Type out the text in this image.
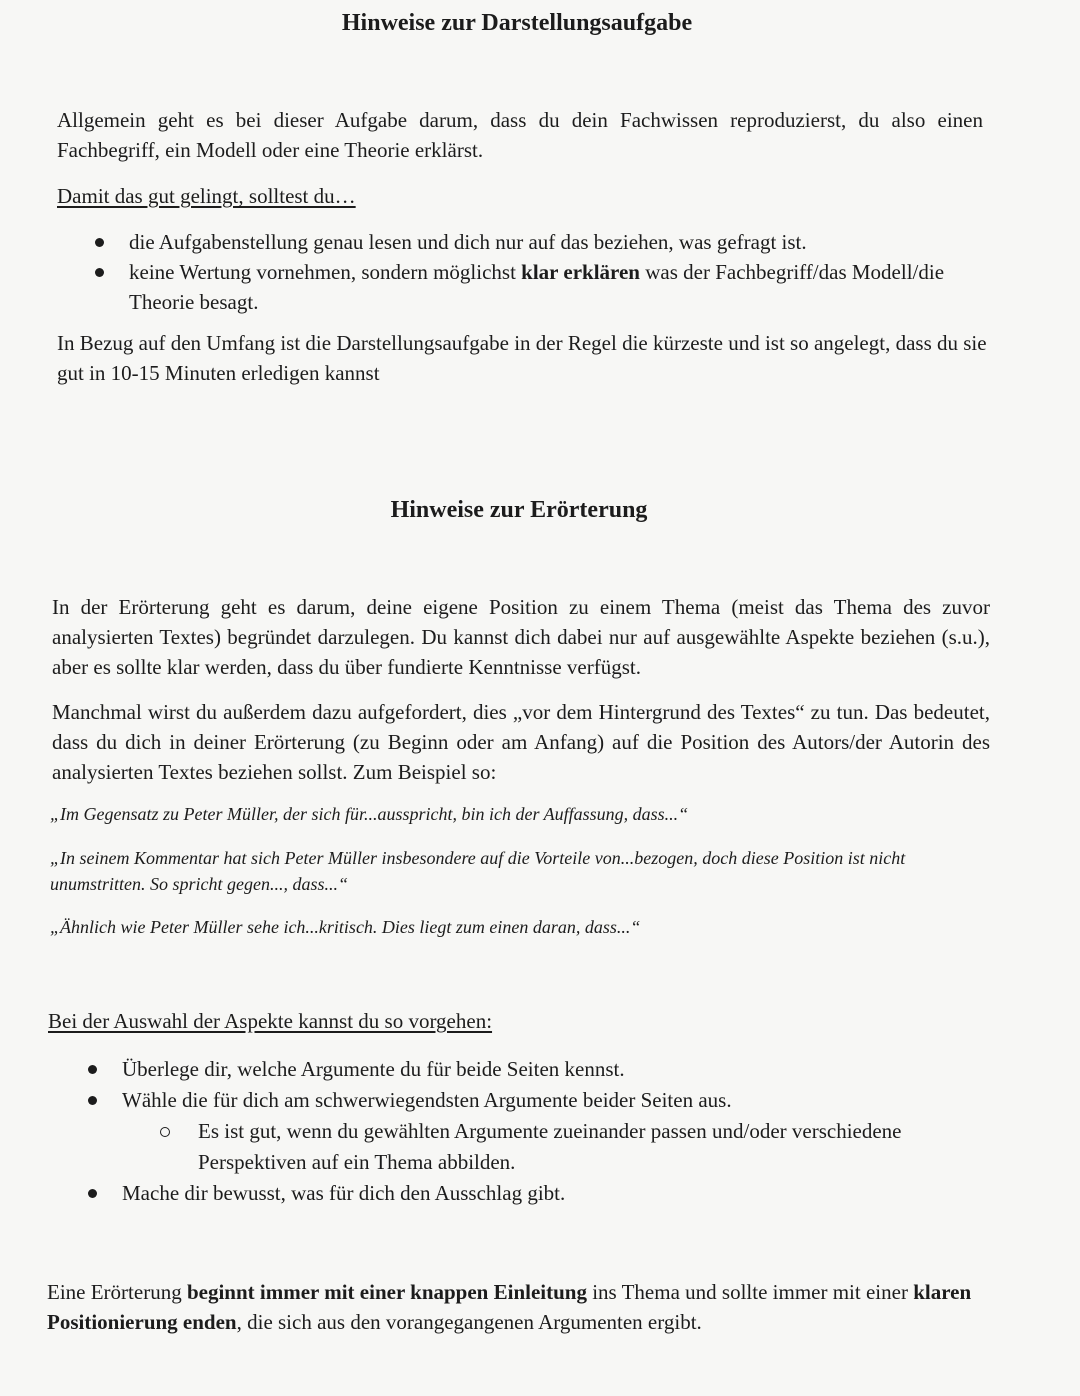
Hinweise zur Darstellungsaufgabe

Allgemein geht es bei dieser Aufgabe darum, dass du dein Fachwissen reproduzierst, du also einen Fachbegriff, ein Modell oder eine Theorie erklärst.

Damit das gut gelingt, solltest du…

die Aufgabenstellung genau lesen und dich nur auf das beziehen, was gefragt ist.
keine Wertung vornehmen, sondern möglichst klar erklären was der Fachbegriff/das Modell/die Theorie besagt.

In Bezug auf den Umfang ist die Darstellungsaufgabe in der Regel die kürzeste und ist so angelegt, dass du sie gut in 10-15 Minuten erledigen kannst

Hinweise zur Erörterung

In der Erörterung geht es darum, deine eigene Position zu einem Thema (meist das Thema des zuvor analysierten Textes) begründet darzulegen. Du kannst dich dabei nur auf ausgewählte Aspekte beziehen (s.u.), aber es sollte klar werden, dass du über fundierte Kenntnisse verfügst.

Manchmal wirst du außerdem dazu aufgefordert, dies „vor dem Hintergrund des Textes“ zu tun. Das bedeutet, dass du dich in deiner Erörterung (zu Beginn oder am Anfang) auf die Position des Autors/der Autorin des analysierten Textes beziehen sollst. Zum Beispiel so:

„Im Gegensatz zu Peter Müller, der sich für...ausspricht, bin ich der Auffassung, dass...“

„In seinem Kommentar hat sich Peter Müller insbesondere auf die Vorteile von...bezogen, doch diese Position ist nicht unumstritten. So spricht gegen..., dass...“

„Ähnlich wie Peter Müller sehe ich...kritisch. Dies liegt zum einen daran, dass...“

Bei der Auswahl der Aspekte kannst du so vorgehen:

Überlege dir, welche Argumente du für beide Seiten kennst.
Wähle die für dich am schwerwiegendsten Argumente beider Seiten aus.
Es ist gut, wenn du gewählten Argumente zueinander passen und/oder verschiedene Perspektiven auf ein Thema abbilden.
Mache dir bewusst, was für dich den Ausschlag gibt.

Eine Erörterung beginnt immer mit einer knappen Einleitung ins Thema und sollte immer mit einer klaren Positionierung enden, die sich aus den vorangegangenen Argumenten ergibt.
